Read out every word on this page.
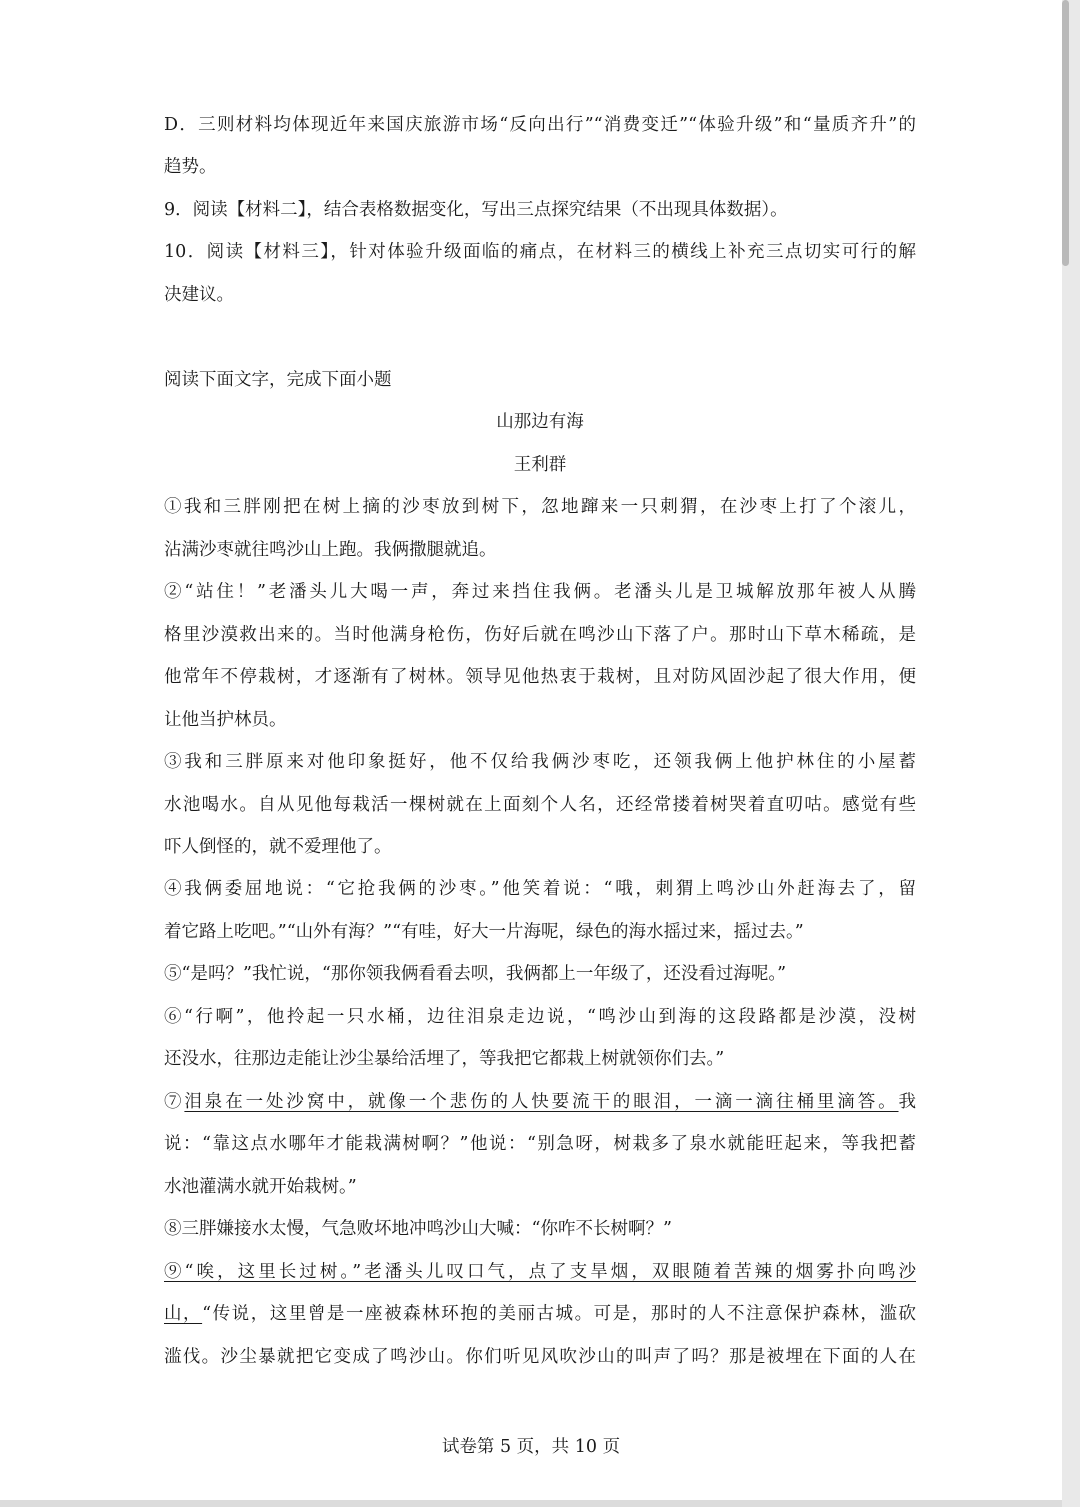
D．三则材料均体现近年来国庆旅游市场“反向出行”“消费变迁”“体验升级”和“量质齐升”的
趋势。
9．阅读【材料二】，结合表格数据变化，写出三点探究结果（不出现具体数据）。
10．阅读【材料三】，针对体验升级面临的痛点，在材料三的横线上补充三点切实可行的解
决建议。
阅读下面文字，完成下面小题
山那边有海
王利群
①我和三胖刚把在树上摘的沙枣放到树下，忽地蹿来一只刺猬，在沙枣上打了个滚儿，
沾满沙枣就往鸣沙山上跑。我俩撒腿就追。
②“站住！”老潘头儿大喝一声，奔过来挡住我俩。老潘头儿是卫城解放那年被人从腾
格里沙漠救出来的。当时他满身枪伤，伤好后就在鸣沙山下落了户。那时山下草木稀疏，是
他常年不停栽树，才逐渐有了树林。领导见他热衷于栽树，且对防风固沙起了很大作用，便
让他当护林员。
③我和三胖原来对他印象挺好，他不仅给我俩沙枣吃，还领我俩上他护林住的小屋蓄
水池喝水。自从见他每栽活一棵树就在上面刻个人名，还经常搂着树哭着直叨咕。感觉有些
吓人倒怪的，就不爱理他了。
④我俩委屈地说：“它抢我俩的沙枣。”他笑着说：“哦，刺猬上鸣沙山外赶海去了，留
着它路上吃吧。”“山外有海？”“有哇，好大一片海呢，绿色的海水摇过来，摇过去。”
⑤“是吗？”我忙说，“那你领我俩看看去呗，我俩都上一年级了，还没看过海呢。”
⑥“行啊”，他拎起一只水桶，边往泪泉走边说，“鸣沙山到海的这段路都是沙漠，没树
还没水，往那边走能让沙尘暴给活埋了，等我把它都栽上树就领你们去。”
⑦泪泉在一处沙窝中，就像一个悲伤的人快要流干的眼泪，一滴一滴往桶里滴答。我
说：“靠这点水哪年才能栽满树啊？”他说：“别急呀，树栽多了泉水就能旺起来，等我把蓄
水池灌满水就开始栽树。”
⑧三胖嫌接水太慢，气急败坏地冲鸣沙山大喊：“你咋不长树啊？”
⑨“唉，这里长过树。”老潘头儿叹口气，点了支旱烟，双眼随着苦辣的烟雾扑向鸣沙
山，“传说，这里曾是一座被森林环抱的美丽古城。可是，那时的人不注意保护森林，滥砍
滥伐。沙尘暴就把它变成了鸣沙山。你们听见风吹沙山的叫声了吗？那是被埋在下面的人在
试卷第 5 页，共 10 页
